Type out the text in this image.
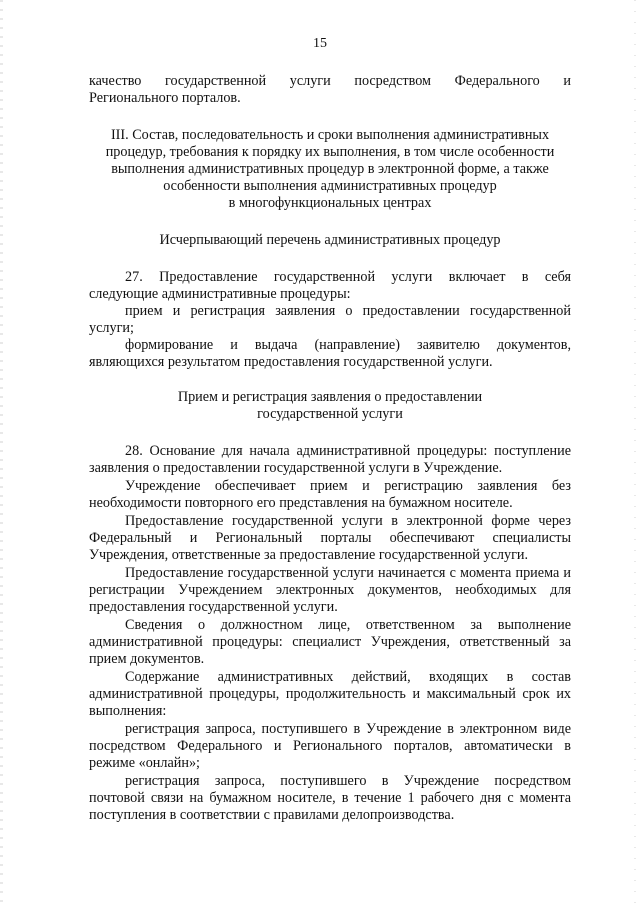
15

качество государственной услуги посредством Федерального и

Регионального порталов.

III. Состав, последовательность и сроки выполнения административных
процедур, требования к порядку их выполнения, в том числе особенности
выполнения административных процедур в электронной форме, а также
особенности выполнения административных процедур
в многофункциональных центрах

Исчерпывающий перечень административных процедур

27. Предоставление государственной услуги включает в себя

следующие административные процедуры:

прием и регистрация заявления о предоставлении государственной услуги;

формирование и выдача (направление) заявителю документов, являющихся результатом предоставления государственной услуги.

Прием и регистрация заявления о предоставлении
государственной услуги

28. Основание для начала административной процедуры: поступление заявления о предоставлении государственной услуги в Учреждение.

Учреждение обеспечивает прием и регистрацию заявления без необходимости повторного его представления на бумажном носителе.

Предоставление государственной услуги в электронной форме через Федеральный и Региональный порталы обеспечивают специалисты Учреждения, ответственные за предоставление государственной услуги.

Предоставление государственной услуги начинается с момента приема и регистрации Учреждением электронных документов, необходимых для предоставления государственной услуги.

Сведения о должностном лице, ответственном за выполнение административной процедуры: специалист Учреждения, ответственный за прием документов.

Содержание административных действий, входящих в состав административной процедуры, продолжительность и максимальный срок их выполнения:

регистрация запроса, поступившего в Учреждение в электронном виде посредством Федерального и Регионального порталов, автоматически в режиме «онлайн»;

регистрация запроса, поступившего в Учреждение посредством почтовой связи на бумажном носителе, в течение 1 рабочего дня с момента поступления в соответствии с правилами делопроизводства.
